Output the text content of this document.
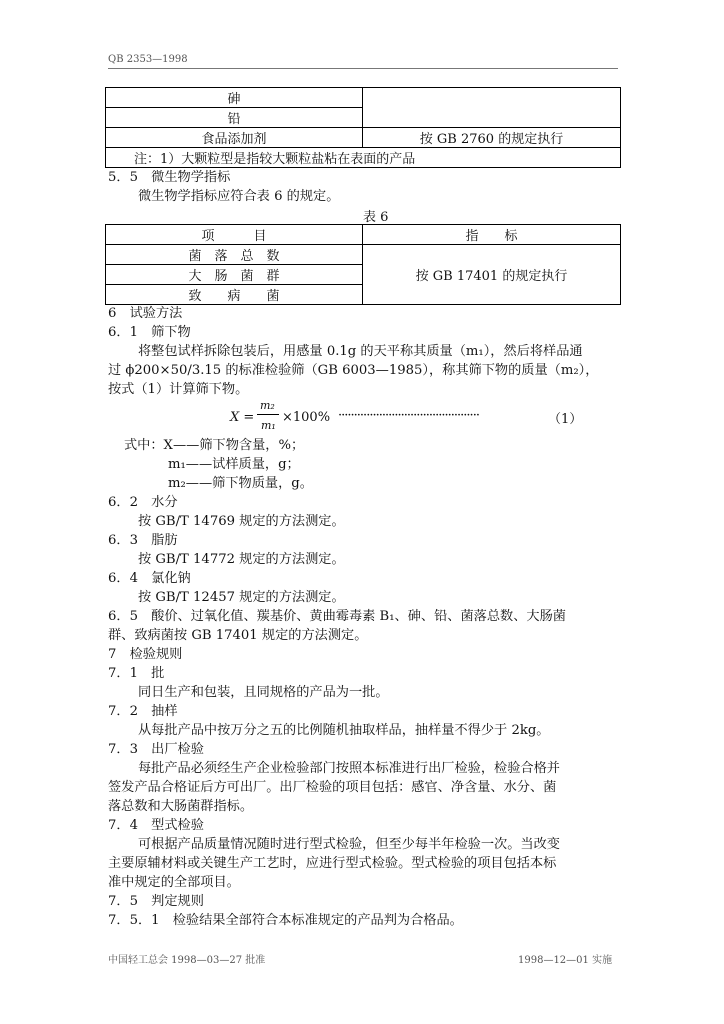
QB 2353—1998
砷	
铅	
食品添加剂	按 GB 2760 的规定执行
注：1）大颗粒型是指较大颗粒盐粘在表面的产品	
5．5　微生物学指标
微生物学指标应符合表 6 的规定。
表 6
项　　　目	指　　标
菌　落　总　数	按 GB 17401 的规定执行
大　肠　菌　群	
致　　病　　菌	
6　试验方法
6．1　筛下物
将整包试样拆除包装后，用感量 0.1g 的天平称其质量（m₁），然后将样品通
过 ϕ200×50/3.15 的标准检验筛（GB 6003—1985），称其筛下物的质量（m₂），
按式（1）计算筛下物。
X =
m₂
m₁
×100% ·············································	（1）
式中：X——筛下物含量，%；
m₁——试样质量，g；
m₂——筛下物质量，g。
6．2　水分
按 GB/T 14769 规定的方法测定。
6．3　脂肪
按 GB/T 14772 规定的方法测定。
6．4　氯化钠
按 GB/T 12457 规定的方法测定。
6．5　酸价、过氧化值、羰基价、黄曲霉毒素 B₁、砷、铅、菌落总数、大肠菌
群、致病菌按 GB 17401 规定的方法测定。
7　检验规则
7．1　批
同日生产和包装，且同规格的产品为一批。
7．2　抽样
从每批产品中按万分之五的比例随机抽取样品，抽样量不得少于 2kg。
7．3　出厂检验
每批产品必须经生产企业检验部门按照本标准进行出厂检验，检验合格并
签发产品合格证后方可出厂。出厂检验的项目包括：感官、净含量、水分、菌
落总数和大肠菌群指标。
7．4　型式检验
可根据产品质量情况随时进行型式检验，但至少每半年检验一次。当改变
主要原辅材料或关键生产工艺时，应进行型式检验。型式检验的项目包括本标
准中规定的全部项目。
7．5　判定规则
7．5．1　检验结果全部符合本标准规定的产品判为合格品。
中国轻工总会 1998—03—27 批准	1998—12—01 实施
